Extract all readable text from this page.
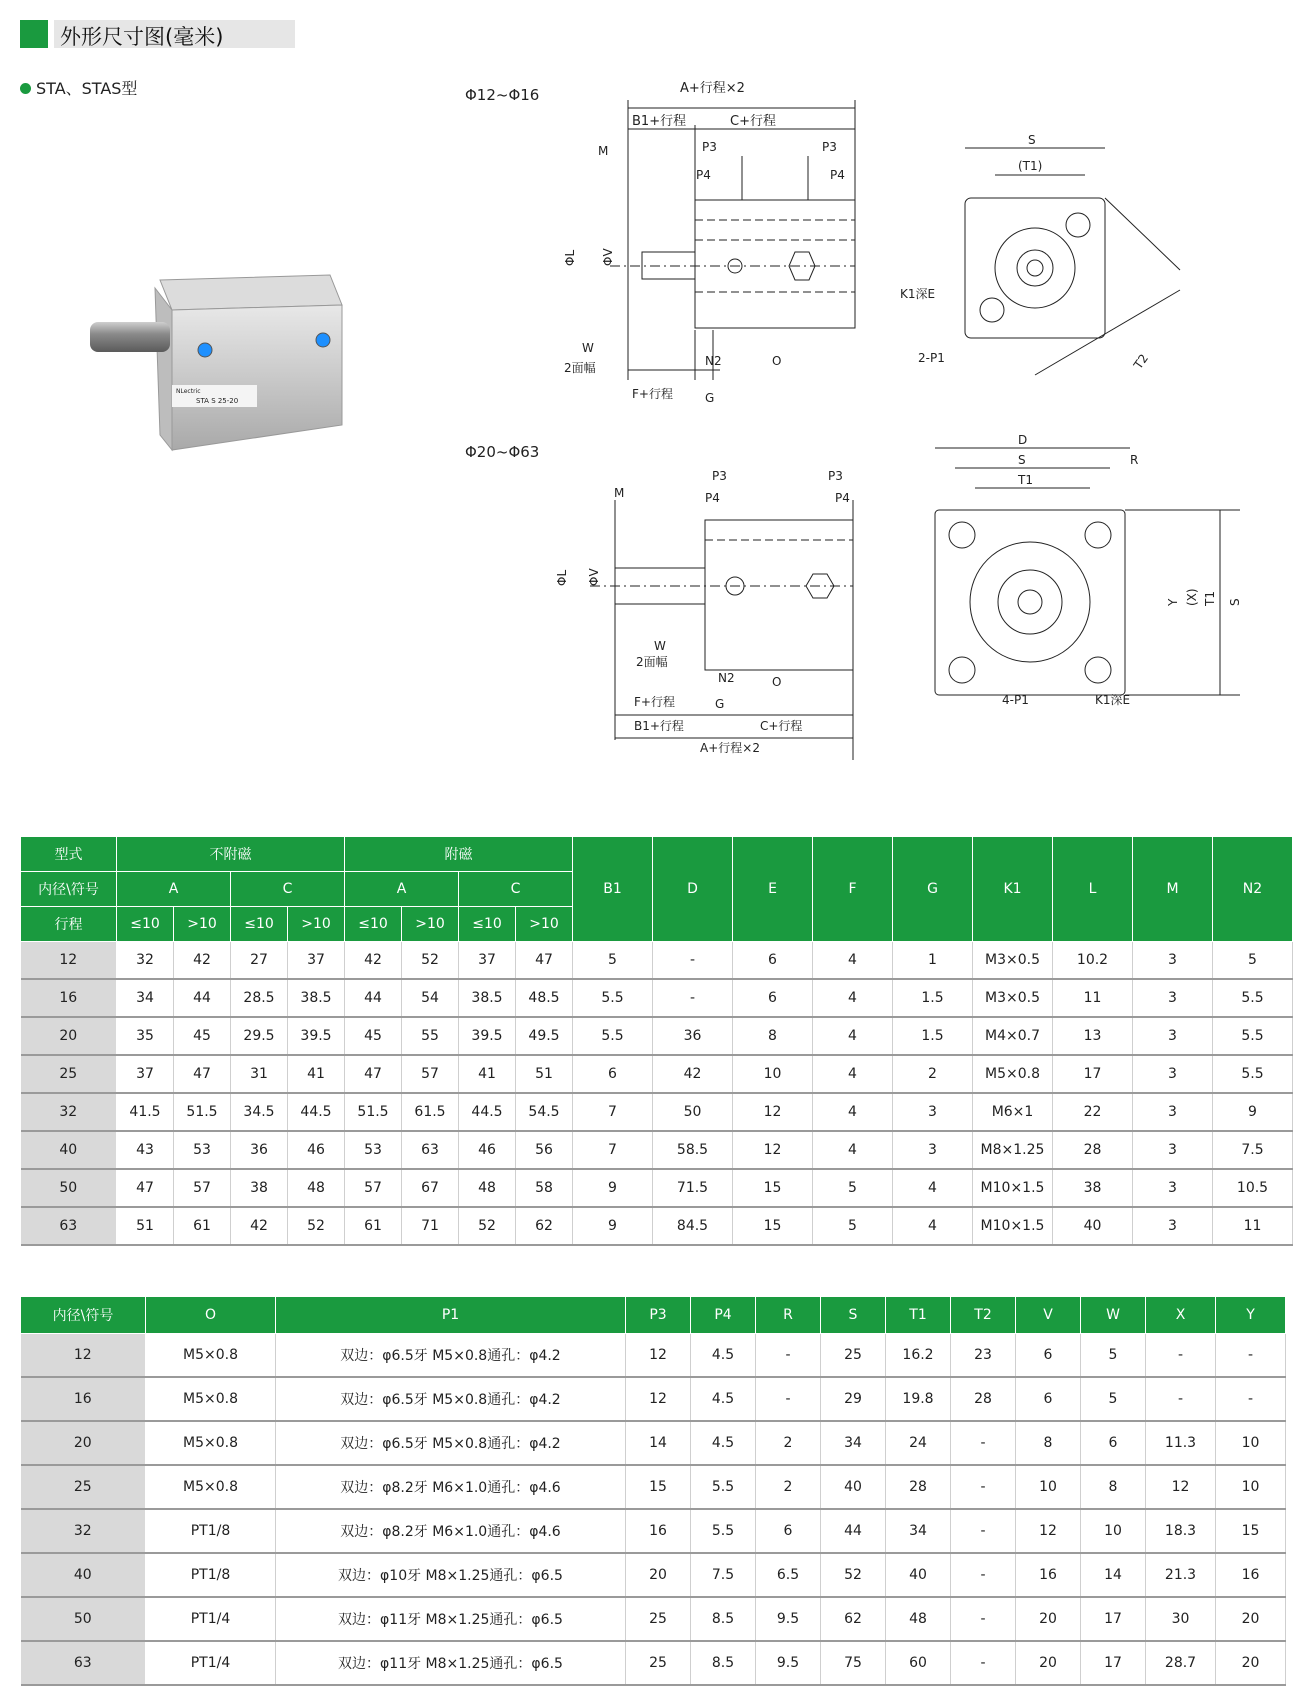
外形尺寸图(毫米)
STA、STAS型
NLectric
STA S 25-20
Φ12~Φ16	A+行程×2
B1+行程	C+行程
P3	P3
P4	P4
M
ΦL ΦV
W
2面幅	N2	O
F+行程	G
S
(T1)
K1深E
2-P1	T2
Φ20~Φ63
P3	P3
P4	P4
M
ΦL ΦV
W
2面幅
N2	O
F+行程	G
B1+行程	C+行程
A+行程×2
D
S	R
T1
Y (X) T1 S
4-P1	K1深E
型式	不附磁				附磁				B1	D	E	F	G	K1	L	M	N2
内径\符号	A		C		A		C										
行程	≤10	>10	≤10	>10	≤10	>10	≤10	>10									
12	32	42	27	37	42	52	37	47	5	-	6	4	1	M3×0.5	10.2	3	5
16	34	44	28.5	38.5	44	54	38.5	48.5	5.5	-	6	4	1.5	M3×0.5	11	3	5.5
20	35	45	29.5	39.5	45	55	39.5	49.5	5.5	36	8	4	1.5	M4×0.7	13	3	5.5
25	37	47	31	41	47	57	41	51	6	42	10	4	2	M5×0.8	17	3	5.5
32	41.5	51.5	34.5	44.5	51.5	61.5	44.5	54.5	7	50	12	4	3	M6×1	22	3	9
40	43	53	36	46	53	63	46	56	7	58.5	12	4	3	M8×1.25	28	3	7.5
50	47	57	38	48	57	67	48	58	9	71.5	15	5	4	M10×1.5	38	3	10.5
63	51	61	42	52	61	71	52	62	9	84.5	15	5	4	M10×1.5	40	3	11
内径\符号	O	P1	P3	P4	R	S	T1	T2	V	W	X	Y
12	M5×0.8	双边：φ6.5牙 M5×0.8通孔：φ4.2	12	4.5	-	25	16.2	23	6	5	-	-
16	M5×0.8	双边：φ6.5牙 M5×0.8通孔：φ4.2	12	4.5	-	29	19.8	28	6	5	-	-
20	M5×0.8	双边：φ6.5牙 M5×0.8通孔：φ4.2	14	4.5	2	34	24	-	8	6	11.3	10
25	M5×0.8	双边：φ8.2牙 M6×1.0通孔：φ4.6	15	5.5	2	40	28	-	10	8	12	10
32	PT1/8	双边：φ8.2牙 M6×1.0通孔：φ4.6	16	5.5	6	44	34	-	12	10	18.3	15
40	PT1/8	双边：φ10牙 M8×1.25通孔：φ6.5	20	7.5	6.5	52	40	-	16	14	21.3	16
50	PT1/4	双边：φ11牙 M8×1.25通孔：φ6.5	25	8.5	9.5	62	48	-	20	17	30	20
63	PT1/4	双边：φ11牙 M8×1.25通孔：φ6.5	25	8.5	9.5	75	60	-	20	17	28.7	20
